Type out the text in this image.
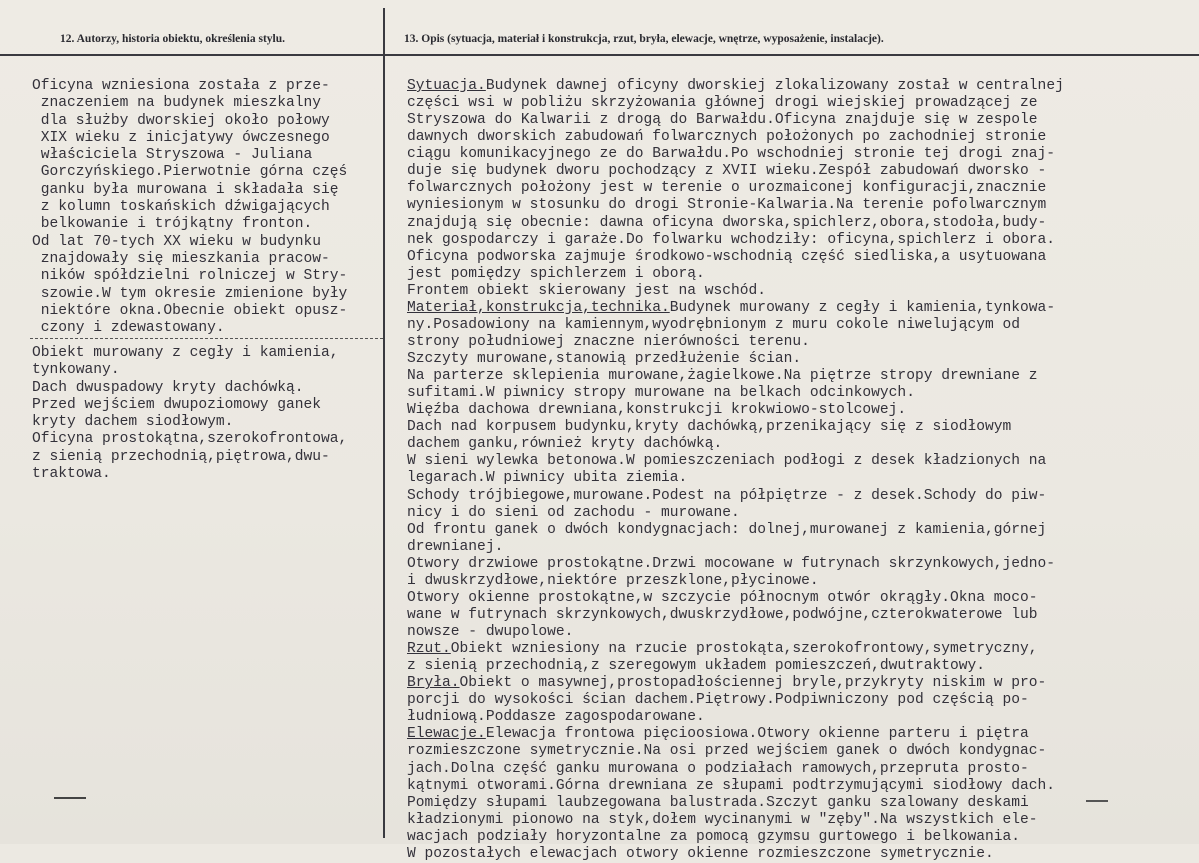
12. Autorzy, historia obiektu, określenia stylu.	13. Opis (sytuacja, materiał i konstrukcja, rzut, bryła, elewacje, wnętrze, wyposażenie, instalacje).
Oficyna wzniesiona została z prze-
znaczeniem na budynek mieszkalny
dla służby dworskiej około połowy
XIX wieku z inicjatywy ówczesnego
właściciela Stryszowa - Juliana
Gorczyńskiego.Pierwotnie górna częś
ganku była murowana i składała się
z kolumn toskańskich dźwigających
belkowanie i trójkątny fronton.
Od lat 70-tych XX wieku w budynku
znajdowały się mieszkania pracow-
ników spółdzielni rolniczej w Stry-
szowie.W tym okresie zmienione były
niektóre okna.Obecnie obiekt opusz-
czony i zdewastowany.
Obiekt murowany z cegły i kamienia,
tynkowany.
Dach dwuspadowy kryty dachówką.
Przed wejściem dwupoziomowy ganek
kryty dachem siodłowym.
Oficyna prostokątna,szerokofrontowa,
z sienią przechodnią,piętrowa,dwu-
traktowa.
Sytuacja.Budynek dawnej oficyny dworskiej zlokalizowany został w centralnej
części wsi w pobliżu skrzyżowania głównej drogi wiejskiej prowadzącej ze
Stryszowa do Kalwarii z drogą do Barwałdu.Oficyna znajduje się w zespole
dawnych dworskich zabudowań folwarcznych położonych po zachodniej stronie
ciągu komunikacyjnego ze do Barwałdu.Po wschodniej stronie tej drogi znaj-
duje się budynek dworu pochodzący z XVII wieku.Zespół zabudowań dworsko -
folwarcznych położony jest w terenie o urozmaiconej konfiguracji,znacznie
wyniesionym w stosunku do drogi Stronie-Kalwaria.Na terenie pofolwarcznym
znajdują się obecnie: dawna oficyna dworska,spichlerz,obora,stodoła,budy-
nek gospodarczy i garaże.Do folwarku wchodziły: oficyna,spichlerz i obora.
Oficyna podworska zajmuje środkowo-wschodnią część siedliska,a usytuowana
jest pomiędzy spichlerzem i oborą.
Frontem obiekt skierowany jest na wschód.
Materiał,konstrukcja,technika.Budynek murowany z cegły i kamienia,tynkowa-
ny.Posadowiony na kamiennym,wyodrębnionym z muru cokole niwelującym od
strony południowej znaczne nierówności terenu.
Szczyty murowane,stanowią przedłużenie ścian.
Na parterze sklepienia murowane,żagielkowe.Na piętrze stropy drewniane z
sufitami.W piwnicy stropy murowane na belkach odcinkowych.
Więźba dachowa drewniana,konstrukcji krokwiowo-stolcowej.
Dach nad korpusem budynku,kryty dachówką,przenikający się z siodłowym
dachem ganku,również kryty dachówką.
W sieni wylewka betonowa.W pomieszczeniach podłogi z desek kładzionych na
legarach.W piwnicy ubita ziemia.
Schody trójbiegowe,murowane.Podest na półpiętrze - z desek.Schody do piw-
nicy i do sieni od zachodu - murowane.
Od frontu ganek o dwóch kondygnacjach: dolnej,murowanej z kamienia,górnej
drewnianej.
Otwory drzwiowe prostokątne.Drzwi mocowane w futrynach skrzynkowych,jedno-
i dwuskrzydłowe,niektóre przeszklone,płycinowe.
Otwory okienne prostokątne,w szczycie północnym otwór okrągły.Okna moco-
wane w futrynach skrzynkowych,dwuskrzydłowe,podwójne,czterokwaterowe lub
nowsze - dwupolowe.
Rzut.Obiekt wzniesiony na rzucie prostokąta,szerokofrontowy,symetryczny,
z sienią przechodnią,z szeregowym układem pomieszczeń,dwutraktowy.
Bryła.Obiekt o masywnej,prostopadłościennej bryle,przykryty niskim w pro-
porcji do wysokości ścian dachem.Piętrowy.Podpiwniczony pod częścią po-
łudniową.Poddasze zagospodarowane.
Elewacje.Elewacja frontowa pięcioosiowa.Otwory okienne parteru i piętra
rozmieszczone symetrycznie.Na osi przed wejściem ganek o dwóch kondygnac-
jach.Dolna część ganku murowana o podziałach ramowych,przeprutа prosto-
kątnymi otworami.Górna drewniana ze słupami podtrzymującymi siodłowy dach.
Pomiędzy słupami laubzegowana balustrada.Szczyt ganku szalowany deskami
kładzionymi pionowo na styk,dołem wycinanymi w "zęby".Na wszystkich ele-
wacjach podziały horyzontalne za pomocą gzymsu gurtowego i belkowania.
W pozostałych elewacjach otwory okienne rozmieszczone symetrycznie.
